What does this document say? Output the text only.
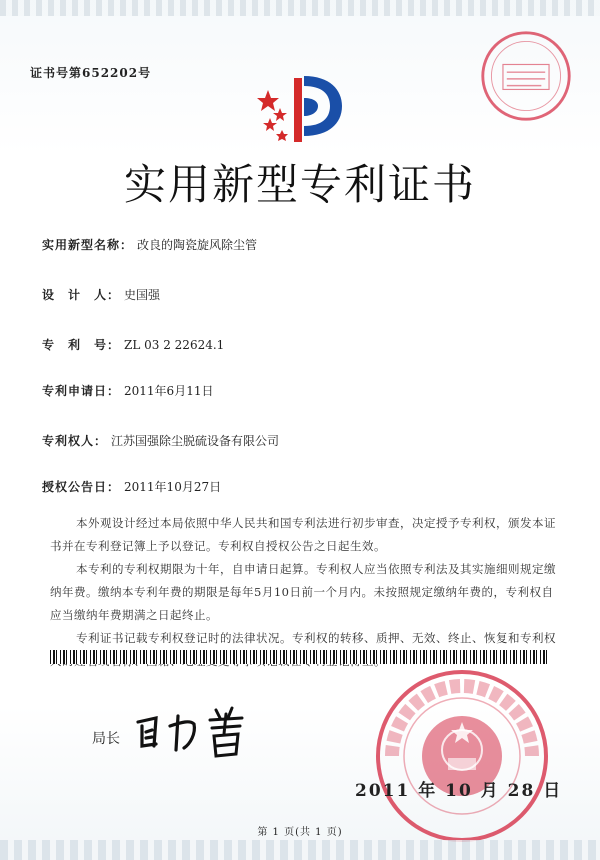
证书号第652202号
实用新型专利证书
实用新型名称： 改良的陶瓷旋风除尘管
设　计　人： 史国强
专　利　号： ZL 03 2 22624.1
专利申请日： 2011年6月11日
专利权人： 江苏国强除尘脱硫设备有限公司
授权公告日： 2011年10月27日

本外观设计经过本局依照中华人民共和国专利法进行初步审查，决定授予专利权，颁发本证书并在专利登记簿上予以登记。专利权自授权公告之日起生效。

本专利的专利权期限为十年，自申请日起算。专利权人应当依照专利法及其实施细则规定缴纳年费。缴纳本专利年费的期限是每年5月10日前一个月内。未按照规定缴纳年费的，专利权自应当缴纳年费期满之日起终止。

专利证书记载专利权登记时的法律状况。专利权的转移、质押、无效、终止、恢复和专利权

局长
2011 年 10 月 28 日
第 1 页(共 1 页)
